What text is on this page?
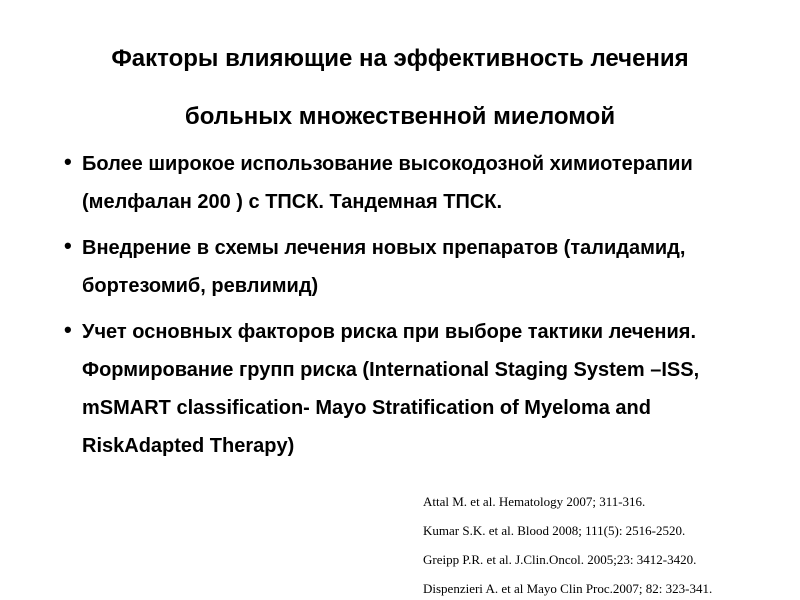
Факторы влияющие на эффективность лечения
больных множественной миеломой
• Более широкое использование высокодозной химиотерапии (мелфалан 200 ) с ТПСК. Тандемная ТПСК.
• Внедрение в схемы лечения новых препаратов (талидамид, бортезомиб, ревлимид)
• Учет основных факторов риска при выборе тактики лечения. Формирование групп риска (International Staging System –ISS, mSMART classification- Mayo Stratification of Myeloma and RiskAdapted Therapy)
Attal M. et al. Hematology 2007; 311-316.
Kumar S.K. et al. Blood 2008; 111(5): 2516-2520.
Greipp P.R. et al. J.Clin.Oncol. 2005;23: 3412-3420.
Dispenzieri A. et al Mayo Clin Proc.2007; 82: 323-341.
